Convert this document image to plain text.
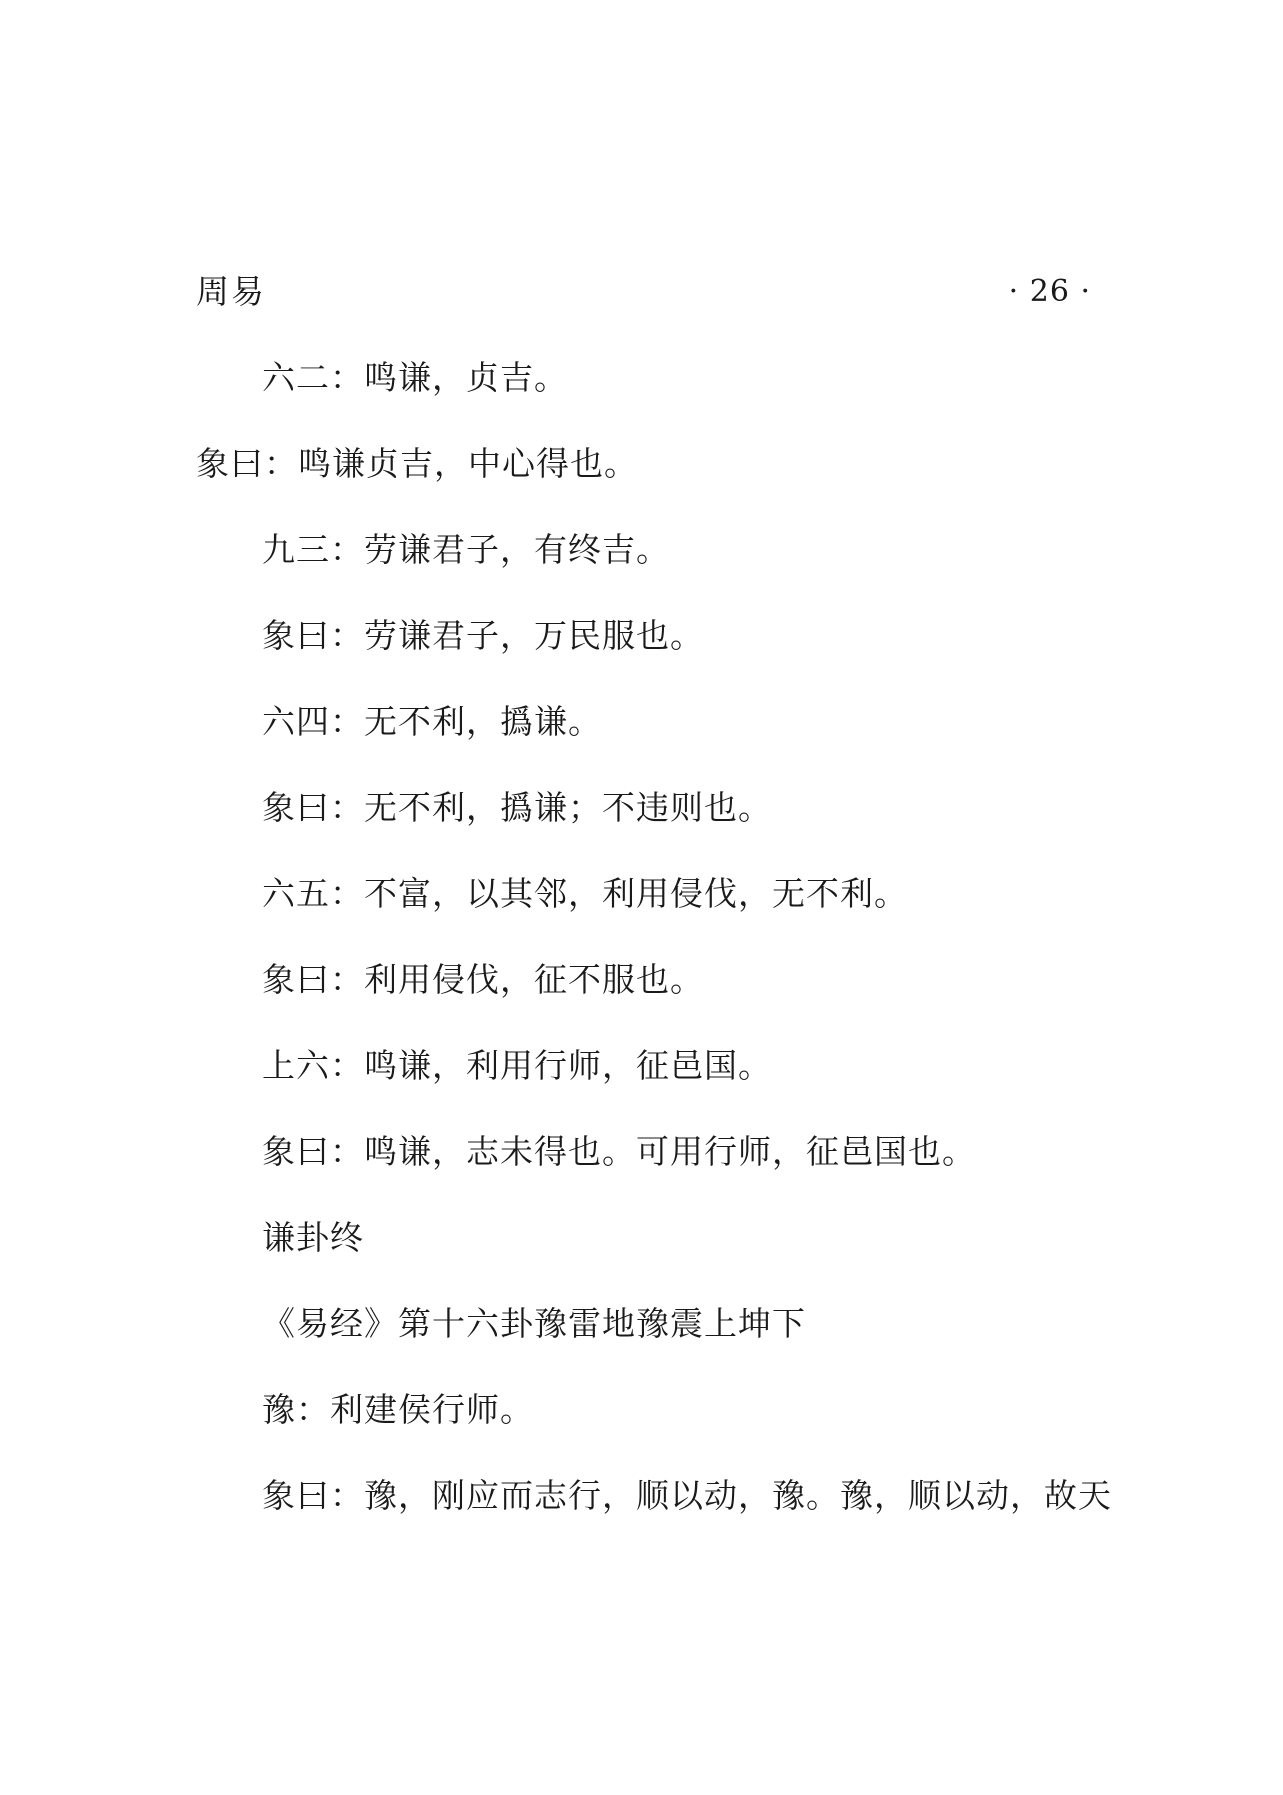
周易	· 26 ·

六二：鸣谦，贞吉。

象曰：鸣谦贞吉，中心得也。

九三：劳谦君子，有终吉。

象曰：劳谦君子，万民服也。

六四：无不利，撝谦。

象曰：无不利，撝谦；不违则也。

六五：不富，以其邻，利用侵伐，无不利。

象曰：利用侵伐，征不服也。

上六：鸣谦，利用行师，征邑国。

象曰：鸣谦，志未得也。可用行师，征邑国也。

谦卦终

《易经》第十六卦豫雷地豫震上坤下

豫：利建侯行师。

象曰：豫，刚应而志行，顺以动，豫。豫，顺以动，故天
